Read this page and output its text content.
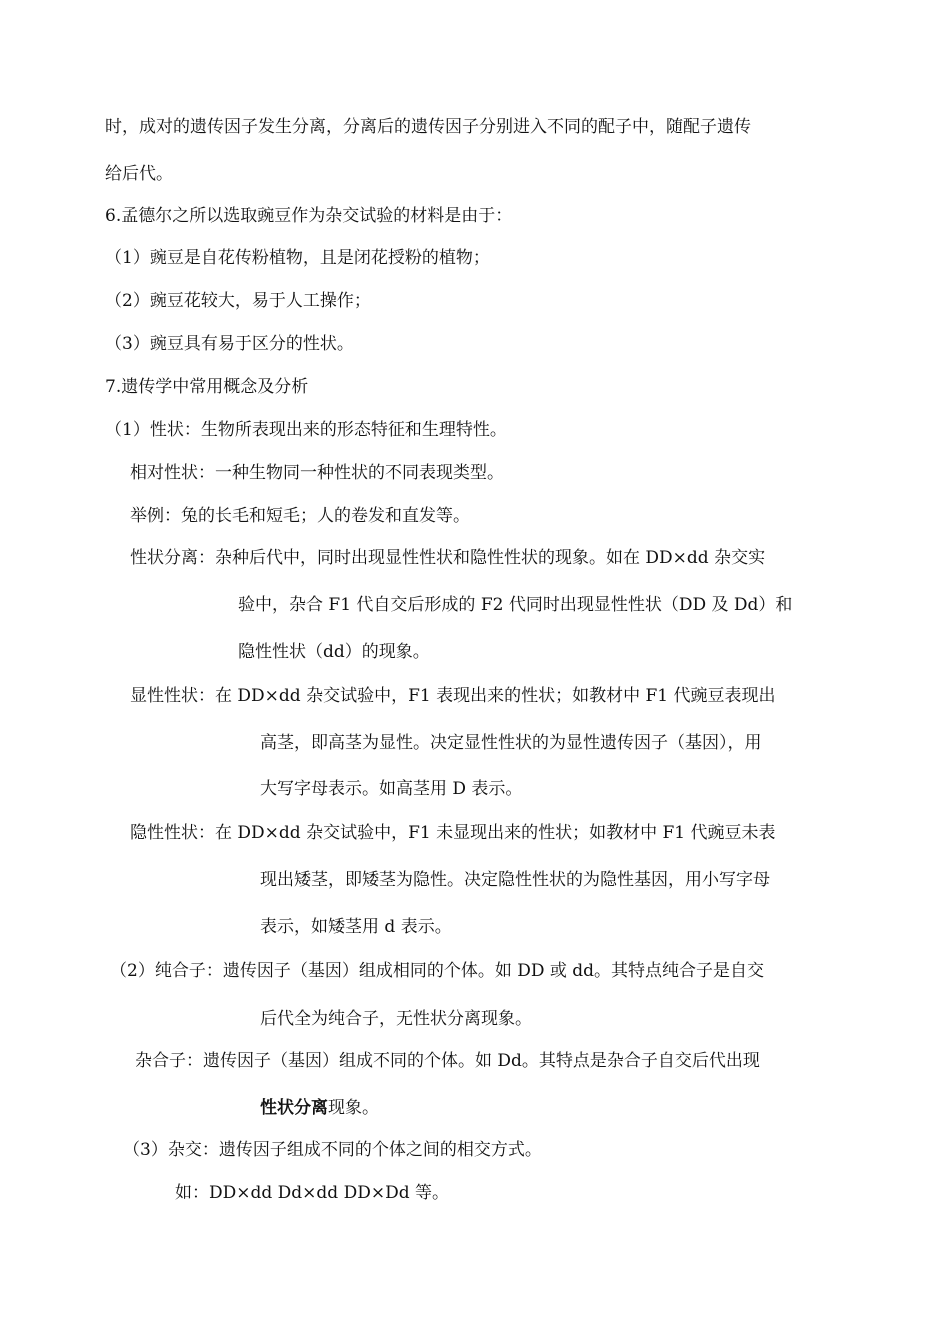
时，成对的遗传因子发生分离，分离后的遗传因子分别进入不同的配子中，随配子遗传

给后代。

6.孟德尔之所以选取豌豆作为杂交试验的材料是由于：

（1）豌豆是自花传粉植物，且是闭花授粉的植物；

（2）豌豆花较大，易于人工操作；

（3）豌豆具有易于区分的性状。

7.遗传学中常用概念及分析

（1）性状：生物所表现出来的形态特征和生理特性。

相对性状：一种生物同一种性状的不同表现类型。

举例：兔的长毛和短毛；人的卷发和直发等。

性状分离：杂种后代中，同时出现显性性状和隐性性状的现象。如在 DD×dd 杂交实

验中，杂合 F1 代自交后形成的 F2 代同时出现显性性状（DD 及 Dd）和

隐性性状（dd）的现象。

显性性状：在 DD×dd 杂交试验中，F1 表现出来的性状；如教材中 F1 代豌豆表现出

高茎，即高茎为显性。决定显性性状的为显性遗传因子（基因），用

大写字母表示。如高茎用 D 表示。

隐性性状：在 DD×dd 杂交试验中，F1 未显现出来的性状；如教材中 F1 代豌豆未表

现出矮茎，即矮茎为隐性。决定隐性性状的为隐性基因，用小写字母

表示，如矮茎用 d 表示。

（2）纯合子：遗传因子（基因）组成相同的个体。如 DD 或 dd。其特点纯合子是自交

后代全为纯合子，无性状分离现象。

杂合子：遗传因子（基因）组成不同的个体。如 Dd。其特点是杂合子自交后代出现

性状分离现象。

（3）杂交：遗传因子组成不同的个体之间的相交方式。

如：DD×dd Dd×dd DD×Dd 等。
